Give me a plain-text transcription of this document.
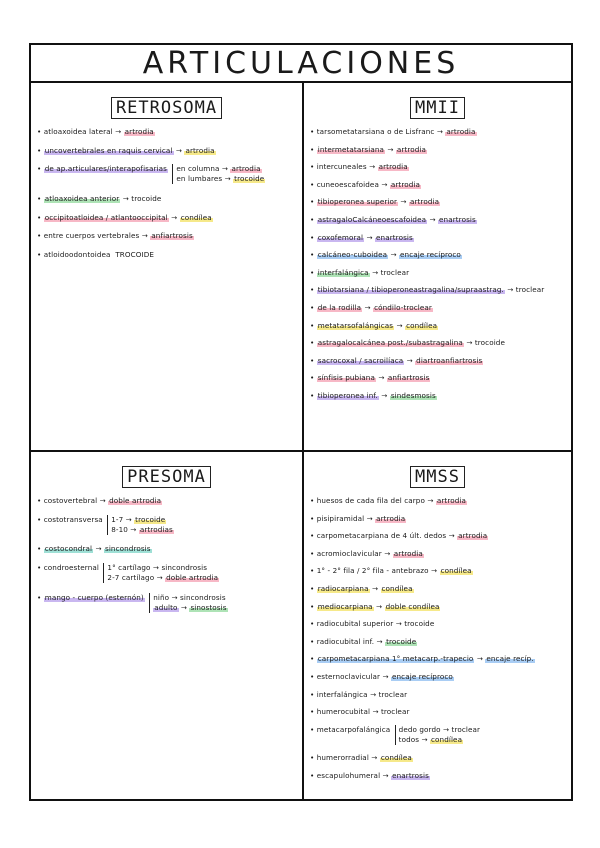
ARTICULACIONES
RETROSOMA
• atloaxoidea lateral → artrodia
• uncovertebrales en raquis cervical → artrodia
• de ap.articulares/interapofisarias en columna → artrodia
en lumbares → trocoide
• atloaxoidea anterior → trocoide
• occipitoatloidea / atlantooccipital → condílea
• entre cuerpos vertebrales → anfiartrosis
• atloidoodontoidea TROCOIDE
MMII
• tarsometatarsiana o de Lisfranc → artrodia
• intermetatarsiana → artrodia
• intercuneales → artrodia
• cuneoescafoidea → artrodia
• tibioperonea superior → artrodia
• astragaloCalcáneoescafoidea → enartrosis
• coxofemoral → enartrosis
• calcáneo-cuboidea → encaje recíproco
• interfalángica → troclear
• tibiotarsiana / tibioperoneastragalina/supraastrag. → troclear
• de la rodilla → cóndilo-troclear
• metatarsofalángicas → condílea
• astragalocalcánea post./subastragalina → trocoide
• sacrocoxal / sacroilíaca → diartroanfiartrosis
• sínfisis pubiana → anfiartrosis
• tibioperonea inf. → sindesmosis
PRESOMA
• costovertebral → doble artrodia
• costotransversa 1-7 → trocoide
8-10 → artrodias
• costocondral → sincondrosis
• condroesternal 1° cartílago → sincondrosis
2-7 cartílago → doble artrodia
• mango - cuerpo (esternón) niño → sincondrosis
adulto → sinostosis
MMSS
• huesos de cada fila del carpo → artrodia
• pisipiramidal → artrodia
• carpometacarpiana de 4 últ. dedos → artrodia
• acromioclavicular → artrodia
• 1° - 2° fila / 2° fila - antebrazo → condílea
• radiocarpiana → condílea
• mediocarpiana → doble condílea
• radiocubital superior → trocoide
• radiocubital inf. → trocoide
• carpometacarpiana 1° metacarp.-trapecio → encaje recíp.
• esternoclavicular → encaje recíproco
• interfalángica → troclear
• humerocubital → troclear
• metacarpofalángica dedo gordo → troclear
todos → condílea
• humerorradial → condílea
• escapulohumeral → enartrosis
